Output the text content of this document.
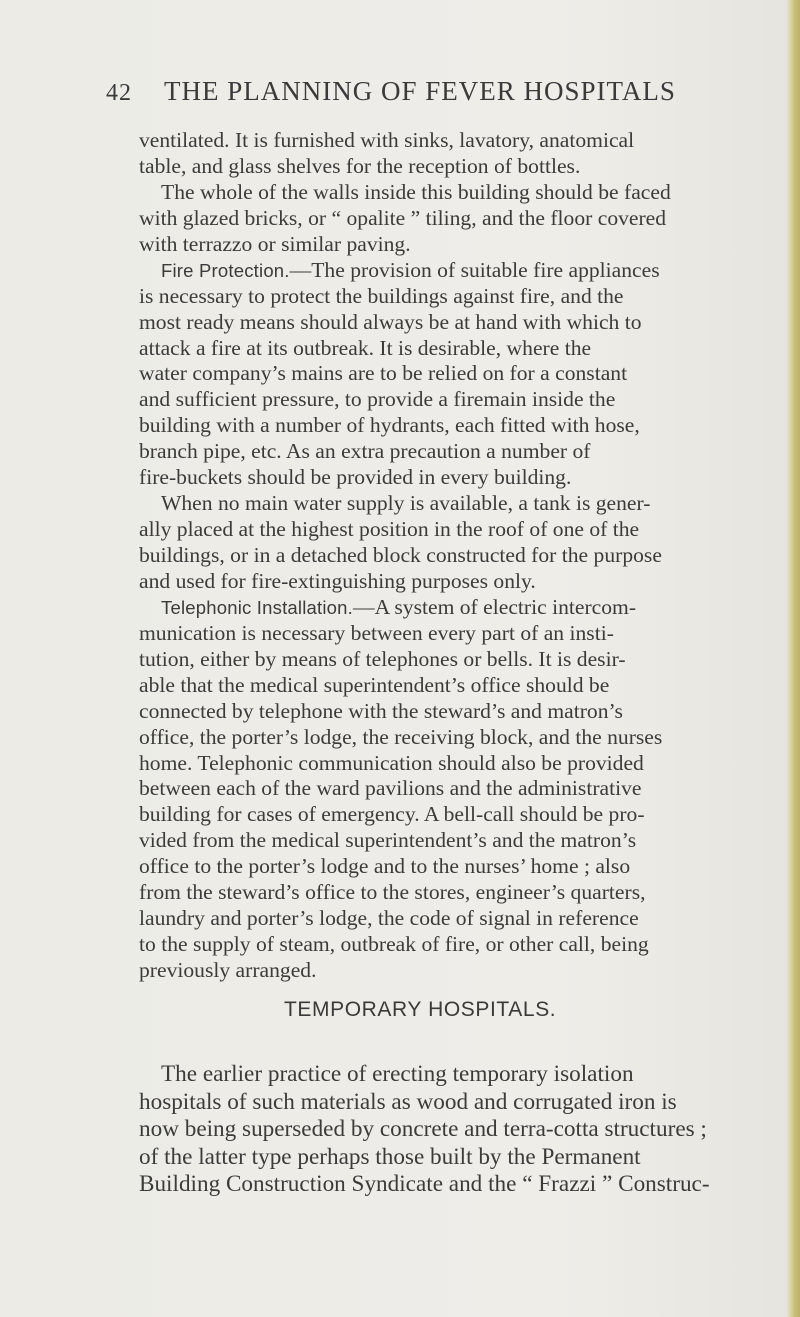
42 THE PLANNING OF FEVER HOSPITALS
ventilated. It is furnished with sinks, lavatory, anatomical
table, and glass shelves for the reception of bottles.
The whole of the walls inside this building should be faced
with glazed bricks, or “ opalite ” tiling, and the floor covered
with terrazzo or similar paving.
Fire Protection.—The provision of suitable fire appliances
is necessary to protect the buildings against fire, and the
most ready means should always be at hand with which to
attack a fire at its outbreak. It is desirable, where the
water company’s mains are to be relied on for a constant
and sufficient pressure, to provide a firemain inside the
building with a number of hydrants, each fitted with hose,
branch pipe, etc. As an extra precaution a number of
fire-buckets should be provided in every building.
When no main water supply is available, a tank is gener-
ally placed at the highest position in the roof of one of the
buildings, or in a detached block constructed for the purpose
and used for fire-extinguishing purposes only.
Telephonic Installation.—A system of electric intercom-
munication is necessary between every part of an insti-
tution, either by means of telephones or bells. It is desir-
able that the medical superintendent’s office should be
connected by telephone with the steward’s and matron’s
office, the porter’s lodge, the receiving block, and the nurses
home. Telephonic communication should also be provided
between each of the ward pavilions and the administrative
building for cases of emergency. A bell-call should be pro-
vided from the medical superintendent’s and the matron’s
office to the porter’s lodge and to the nurses’ home ; also
from the steward’s office to the stores, engineer’s quarters,
laundry and porter’s lodge, the code of signal in reference
to the supply of steam, outbreak of fire, or other call, being
previously arranged.
TEMPORARY HOSPITALS.
The earlier practice of erecting temporary isolation
hospitals of such materials as wood and corrugated iron is
now being superseded by concrete and terra-cotta structures ;
of the latter type perhaps those built by the Permanent
Building Construction Syndicate and the “ Frazzi ” Construc-
